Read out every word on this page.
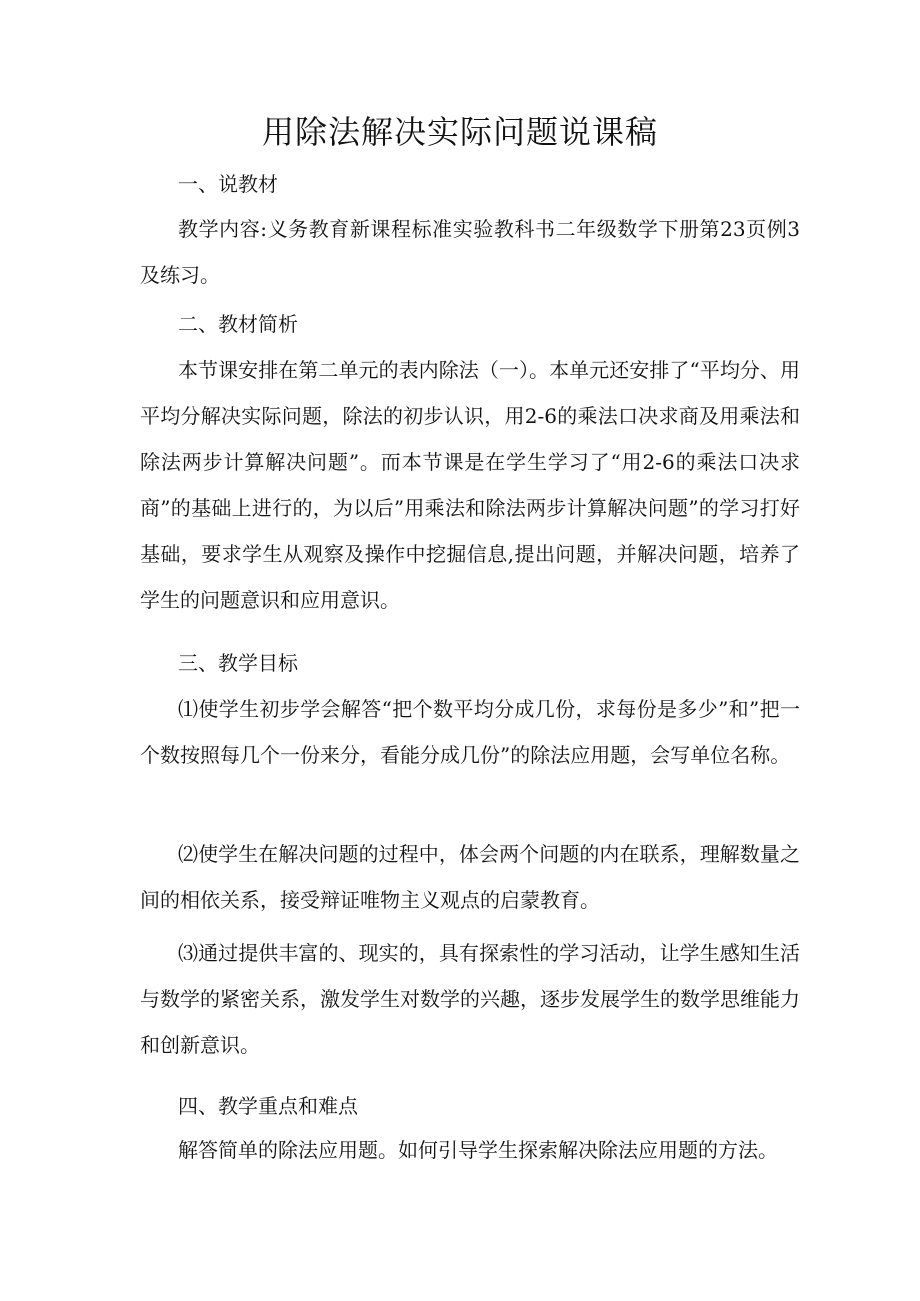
用除法解决实际问题说课稿
一、说教材

教学内容:义务教育新课程标准实验教科书二年级数学下册第23页例3及练习。

二、教材简析

本节课安排在第二单元的表内除法（一）。本单元还安排了“平均分、用平均分解决实际问题，除法的初步认识，用2-6的乘法口决求商及用乘法和除法两步计算解决问题”。而本节课是在学生学习了“用2-6的乘法口决求商”的基础上进行的，为以后”用乘法和除法两步计算解决问题”的学习打好基础，要求学生从观察及操作中挖掘信息,提出问题，并解决问题，培养了学生的问题意识和应用意识。

三、教学目标

⑴使学生初步学会解答“把个数平均分成几份，求每份是多少”和”把一个数按照每几个一份来分，看能分成几份”的除法应用题，会写单位名称。

⑵使学生在解决问题的过程中，体会两个问题的内在联系，理解数量之间的相依关系，接受辩证唯物主义观点的启蒙教育。

⑶通过提供丰富的、现实的，具有探索性的学习活动，让学生感知生活与数学的紧密关系，激发学生对数学的兴趣，逐步发展学生的数学思维能力和创新意识。

四、教学重点和难点

解答简单的除法应用题。如何引导学生探索解决除法应用题的方法。
